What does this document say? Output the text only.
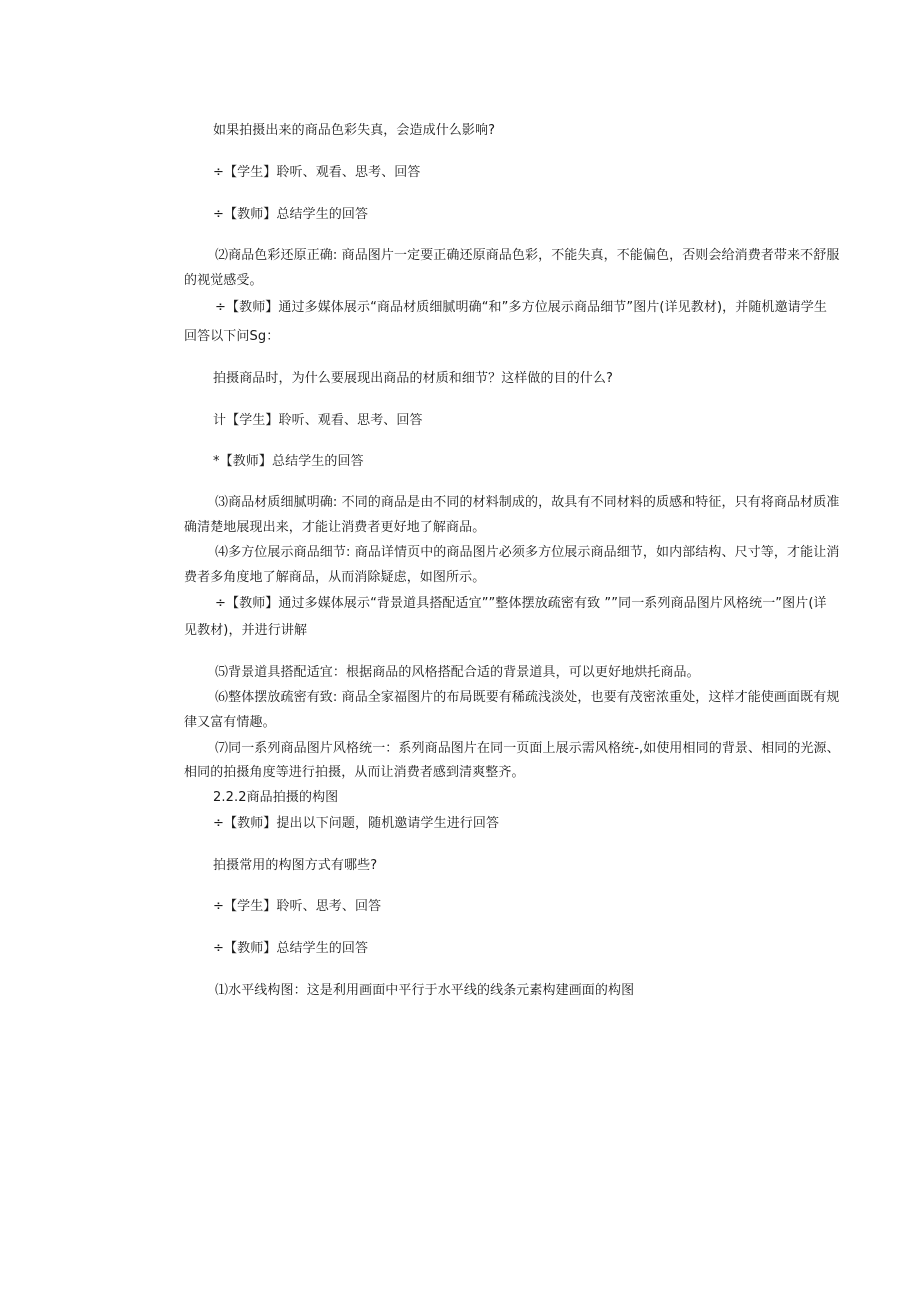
如果拍摄出来的商品色彩失真，会造成什么影响?
÷【学生】聆听、观看、思考、回答
÷【教师】总结学生的回答
⑵商品色彩还原正确: 商品图片一定要正确还原商品色彩，不能失真，不能偏色，否则会给消费者带来不舒服
的视觉感受。
÷【教师】通过多媒体展示“商品材质细腻明确“和”多方位展示商品细节”图片(详见教材)，并随机邀请学生
回答以下问Sg：
拍摄商品时，为什么要展现出商品的材质和细节？这样做的目的什么?
计【学生】聆听、观看、思考、回答
*【教师】总结学生的回答
⑶商品材质细腻明确: 不同的商品是由不同的材料制成的，故具有不同材料的质感和特征，只有将商品材质准
确清楚地展现出来，才能让消费者更好地了解商品。
⑷多方位展示商品细节: 商品详情页中的商品图片必须多方位展示商品细节，如内部结构、尺寸等，才能让消
费者多角度地了解商品，从而消除疑虑，如图所示。
÷【教师】通过多媒体展示“背景道具搭配适宜””整体摆放疏密有致 ””同一系列商品图片风格统一”图片(详
见教材)，并进行讲解
⑸背景道具搭配适宜：根据商品的风格搭配合适的背景道具，可以更好地烘托商品。
⑹整体摆放疏密有致: 商品全家福图片的布局既要有稀疏浅淡处，也要有茂密浓重处，这样才能使画面既有规
律又富有情趣。
⑺同一系列商品图片风格统一：系列商品图片在同一页面上展示需风格统-,如使用相同的背景、相同的光源、
相同的拍摄角度等进行拍摄，从而让消费者感到清爽整齐。
2.2.2商品拍摄的构图
÷【教师】提出以下问题，随机邀请学生进行回答
拍摄常用的构图方式有哪些?
÷【学生】聆听、思考、回答
÷【教师】总结学生的回答
⑴水平线构图：这是利用画面中平行于水平线的线条元素构建画面的构图
